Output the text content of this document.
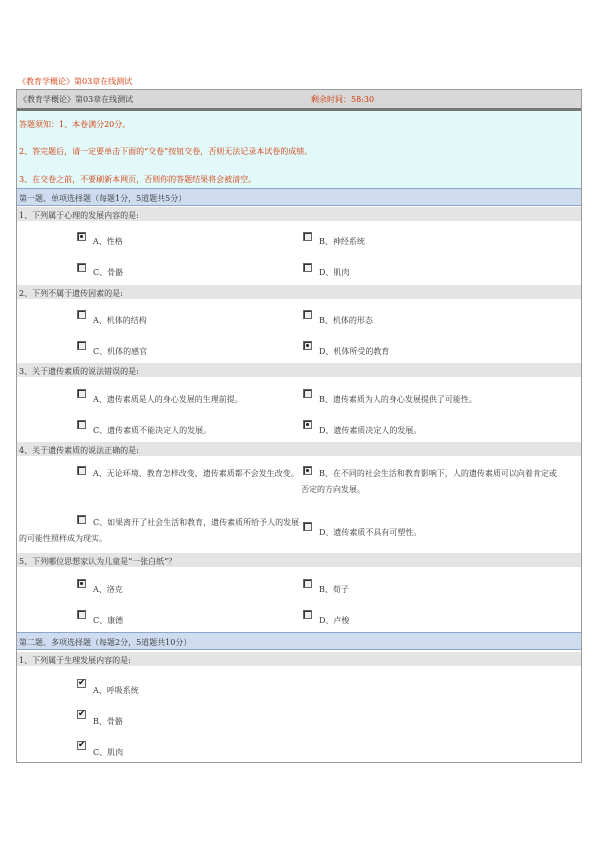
《教育学概论》第03章在线测试
《教育学概论》第03章在线测试	剩余时间：58:30

答题须知：1、本卷满分20分。

2、答完题后，请一定要单击下面的“交卷”按钮交卷，否则无法记录本试卷的成绩。

3、在交卷之前，不要刷新本网页，否则你的答题结果将会被清空。

第一题、单项选择题（每题1分，5道题共5分）
1、下列属于心理的发展内容的是:
A、性格	B、神经系统
C、骨骼	D、肌肉
2、下列不属于遗传因素的是:
A、机体的结构	B、机体的形态
C、机体的感官	D、机体所受的教育
3、关于遗传素质的说法错误的是:
A、遗传素质是人的身心发展的生理前提。	B、遗传素质为人的身心发展提供了可能性。
C、遗传素质不能决定人的发展。	D、遗传素质决定人的发展。
4、关于遗传素质的说法正确的是:
A、无论环境、教育怎样改变，遗传素质都不会发生改变。	B、在不同的社会生活和教育影响下，人的遗传素质可以向着肯定或否定的方向发展。
C、如果离开了社会生活和教育，遗传素质所给予人的发展的可能性照样成为现实。
D、遗传素质不具有可塑性。
5、下列哪位思想家认为儿童是“一张白纸”？
A、洛克	B、荀子
C、康德	D、卢梭
第二题、多项选择题（每题2分，5道题共10分）
1、下列属于生理发展内容的是:
✔
A、呼吸系统
✔
B、骨骼
✔
C、肌肉
